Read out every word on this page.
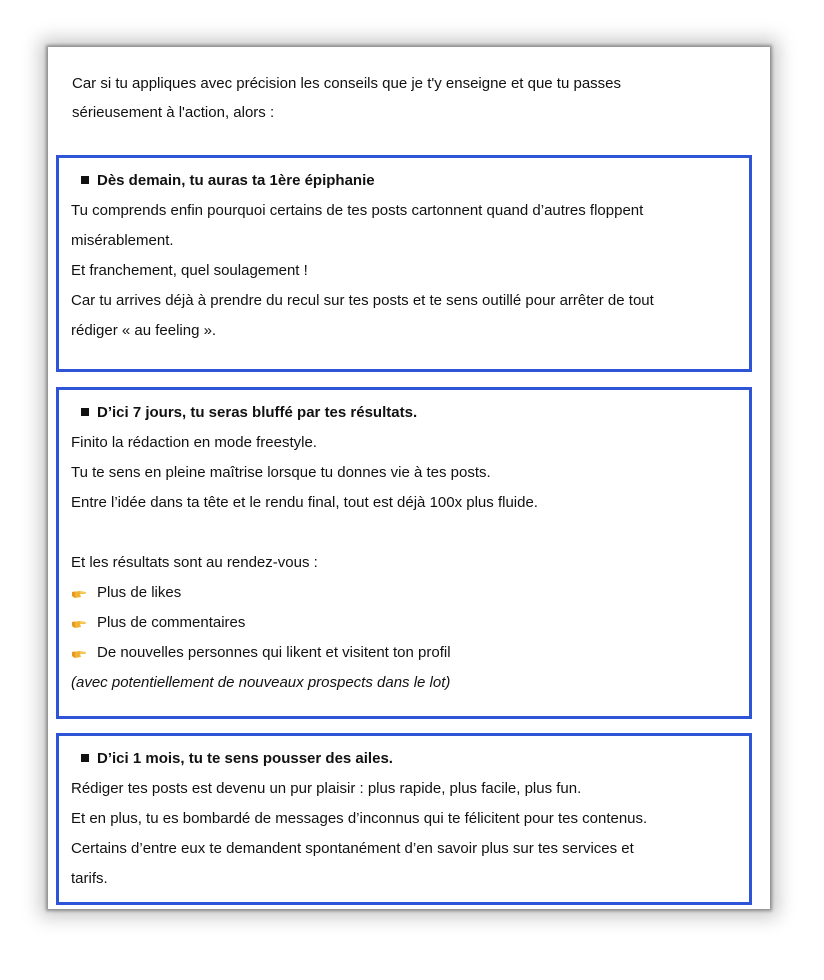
Car si tu appliques avec précision les conseils que je t'y enseigne et que tu passes
sérieusement à l'action, alors :
Dès demain, tu auras ta 1ère épiphanie
Tu comprends enfin pourquoi certains de tes posts cartonnent quand d’autres floppent
misérablement.
Et franchement, quel soulagement !
Car tu arrives déjà à prendre du recul sur tes posts et te sens outillé pour arrêter de tout
rédiger « au feeling ».
D’ici 7 jours, tu seras bluffé par tes résultats.
Finito la rédaction en mode freestyle.
Tu te sens en pleine maîtrise lorsque tu donnes vie à tes posts.
Entre l’idée dans ta tête et le rendu final, tout est déjà 100x plus fluide.
Et les résultats sont au rendez-vous :
Plus de likes
Plus de commentaires
De nouvelles personnes qui likent et visitent ton profil
(avec potentiellement de nouveaux prospects dans le lot)
D’ici 1 mois, tu te sens pousser des ailes.
Rédiger tes posts est devenu un pur plaisir : plus rapide, plus facile, plus fun.
Et en plus, tu es bombardé de messages d’inconnus qui te félicitent pour tes contenus.
Certains d’entre eux te demandent spontanément d’en savoir plus sur tes services et
tarifs.
